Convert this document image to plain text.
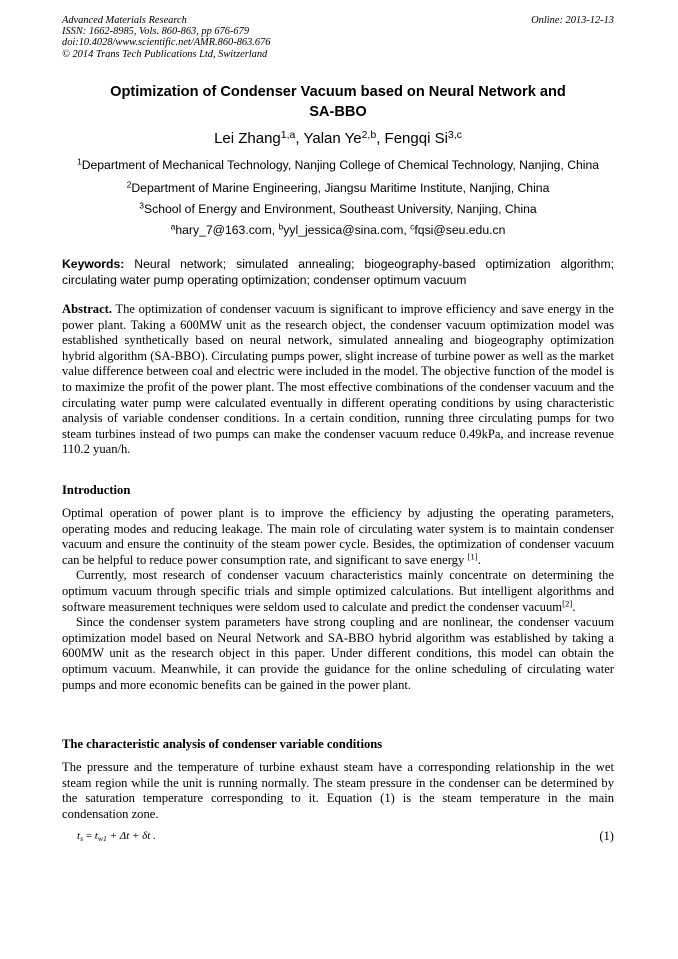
Advanced Materials Research
ISSN: 1662-8985, Vols. 860-863, pp 676-679
doi:10.4028/www.scientific.net/AMR.860-863.676
© 2014 Trans Tech Publications Ltd, Switzerland
Online: 2013-12-13
Optimization of Condenser Vacuum based on Neural Network and
SA-BBO
Lei Zhang$^{1,a}$, Yalan Ye$^{2,b}$, Fengqi Si$^{3,c}$
$^1$Department of Mechanical Technology, Nanjing College of Chemical Technology, Nanjing, China
$^2$Department of Marine Engineering, Jiangsu Maritime Institute, Nanjing, China
$^3$School of Energy and Environment, Southeast University, Nanjing, China
$^a$hary_7@163.com, $^b$yyl_jessica@sina.com, $^c$fqsi@seu.edu.cn
Keywords: Neural network; simulated annealing; biogeography-based optimization algorithm; circulating water pump operating optimization; condenser optimum vacuum
Abstract. The optimization of condenser vacuum is significant to improve efficiency and save energy in the power plant. Taking a 600MW unit as the research object, the condenser vacuum optimization model was established synthetically based on neural network, simulated annealing and biogeography optimization hybrid algorithm (SA-BBO). Circulating pumps power, slight increase of turbine power as well as the market value difference between coal and electric were included in the model. The objective function of the model is to maximize the profit of the power plant. The most effective combinations of the condenser vacuum and the circulating water pump were calculated eventually in different operating conditions by using characteristic analysis of variable condenser conditions. In a certain condition, running three circulating pumps for two steam turbines instead of two pumps can make the condenser vacuum reduce 0.49kPa, and increase revenue 110.2 yuan/h.
Introduction

Optimal operation of power plant is to improve the efficiency by adjusting the operating parameters, operating modes and reducing leakage. The main role of circulating water system is to maintain condenser vacuum and ensure the continuity of the steam power cycle. Besides, the optimization of condenser vacuum can be helpful to reduce power consumption rate, and significant to save energy [1].

Currently, most research of condenser vacuum characteristics mainly concentrate on determining the optimum vacuum through specific trials and simple optimized calculations. But intelligent algorithms and software measurement techniques were seldom used to calculate and predict the condenser vacuum[2].

Since the condenser system parameters have strong coupling and are nonlinear, the condenser vacuum optimization model based on Neural Network and SA-BBO hybrid algorithm was established by taking a 600MW unit as the research object in this paper. Under different conditions, this model can obtain the optimum vacuum. Meanwhile, it can provide the guidance for the online scheduling of circulating water pumps and more economic benefits can be gained in the power plant.

The characteristic analysis of condenser variable conditions
The pressure and the temperature of turbine exhaust steam have a corresponding relationship in the wet steam region while the unit is running normally. The steam pressure in the condenser can be determined by the saturation temperature corresponding to it. Equation (1) is the steam temperature in the main condensation zone.
$t_s = t_{w1} + \Delta t + \delta t$ .	(1)
